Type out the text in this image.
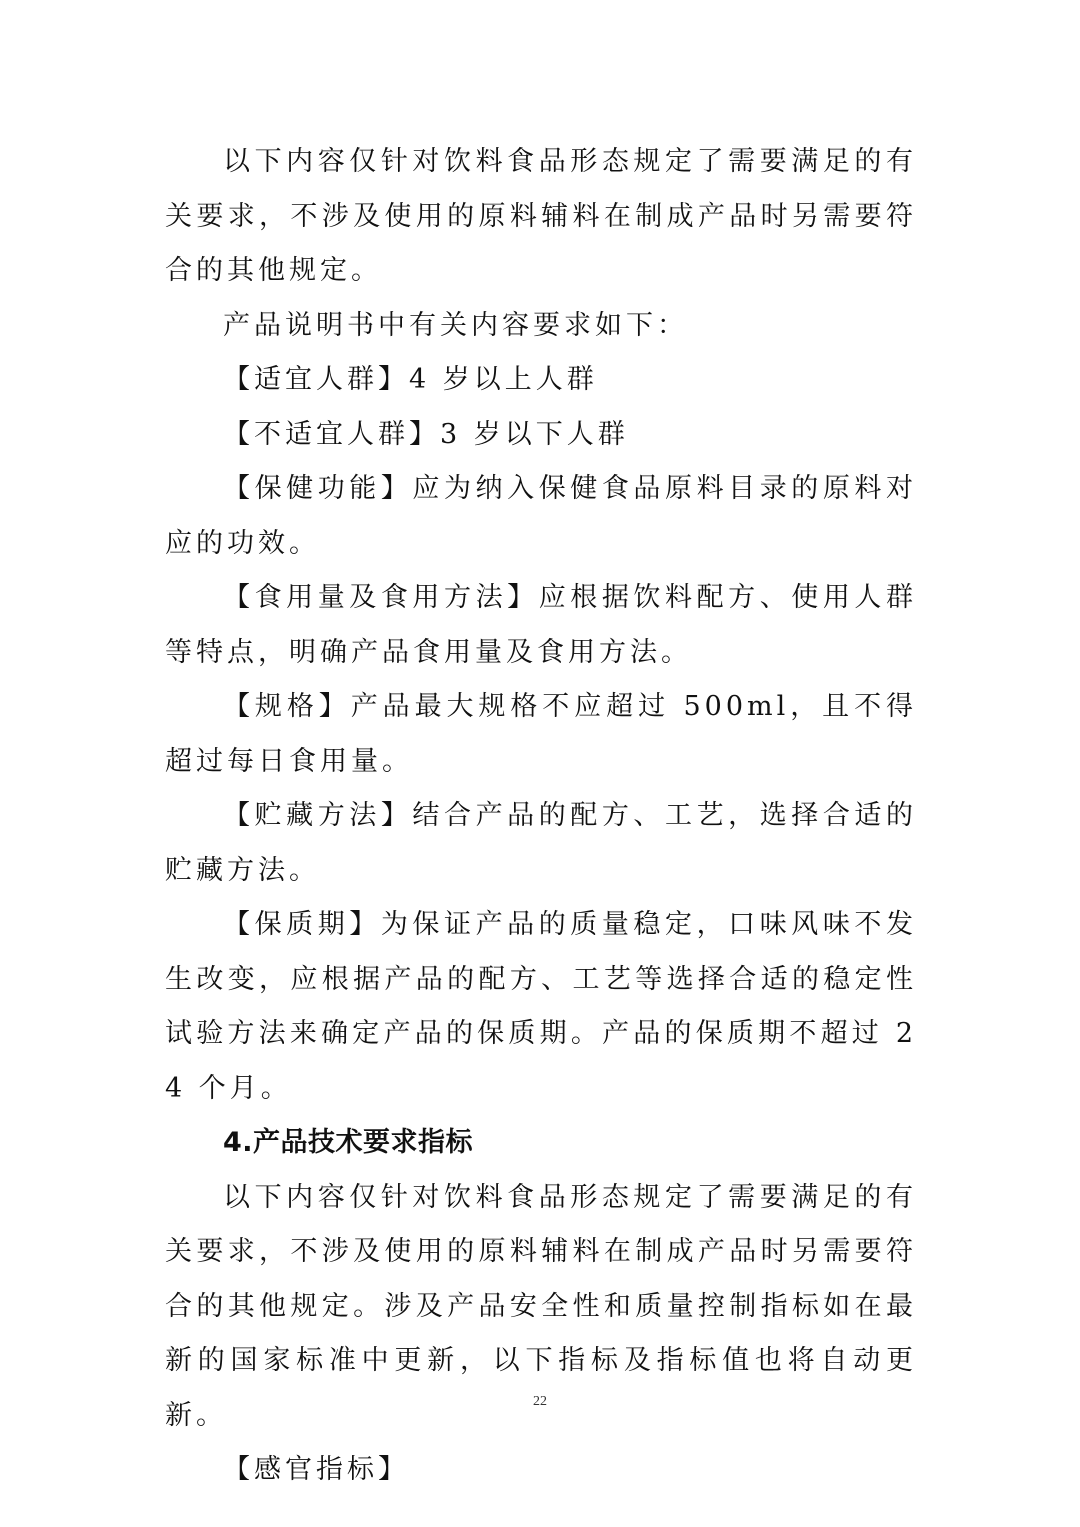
以下内容仅针对饮料食品形态规定了需要满足的有关要求，不涉及使用的原料辅料在制成产品时另需要符合的其他规定。

产品说明书中有关内容要求如下：

【适宜人群】4 岁以上人群

【不适宜人群】3 岁以下人群

【保健功能】应为纳入保健食品原料目录的原料对应的功效。

【食用量及食用方法】应根据饮料配方、使用人群等特点，明确产品食用量及食用方法。

【规格】产品最大规格不应超过 500ml，且不得超过每日食用量。

【贮藏方法】结合产品的配方、工艺，选择合适的贮藏方法。

【保质期】为保证产品的质量稳定，口味风味不发生改变，应根据产品的配方、工艺等选择合适的稳定性试验方法来确定产品的保质期。产品的保质期不超过 24 个月。

4.产品技术要求指标

以下内容仅针对饮料食品形态规定了需要满足的有关要求，不涉及使用的原料辅料在制成产品时另需要符合的其他规定。涉及产品安全性和质量控制指标如在最新的国家标准中更新，以下指标及指标值也将自动更新。

【感官指标】

22
